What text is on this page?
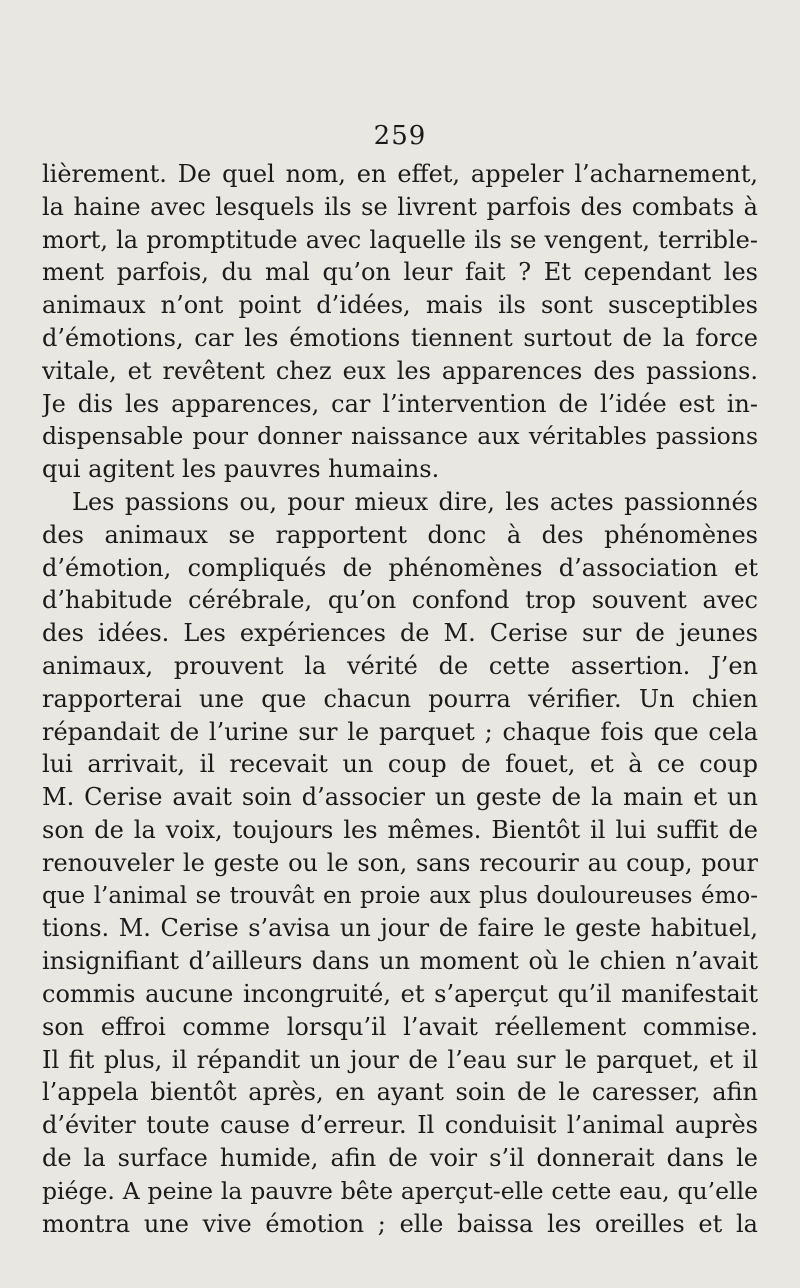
259
lièrement. De quel nom, en effet, appeler l’acharnement,
la haine avec lesquels ils se livrent parfois des combats à
mort, la promptitude avec laquelle ils se vengent, terrible-
ment parfois, du mal qu’on leur fait ? Et cependant les
animaux n’ont point d’idées, mais ils sont susceptibles
d’émotions, car les émotions tiennent surtout de la force
vitale, et revêtent chez eux les apparences des passions.
Je dis les apparences, car l’intervention de l’idée est in-
dispensable pour donner naissance aux véritables passions
qui agitent les pauvres humains.
Les passions ou, pour mieux dire, les actes passionnés
des animaux se rapportent donc à des phénomènes
d’émotion, compliqués de phénomènes d’association et
d’habitude cérébrale, qu’on confond trop souvent avec
des idées. Les expériences de M. Cerise sur de jeunes
animaux, prouvent la vérité de cette assertion. J’en
rapporterai une que chacun pourra vérifier. Un chien
répandait de l’urine sur le parquet ; chaque fois que cela
lui arrivait, il recevait un coup de fouet, et à ce coup
M. Cerise avait soin d’associer un geste de la main et un
son de la voix, toujours les mêmes. Bientôt il lui suffit de
renouveler le geste ou le son, sans recourir au coup, pour
que l’animal se trouvât en proie aux plus douloureuses émo-
tions. M. Cerise s’avisa un jour de faire le geste habituel,
insignifiant d’ailleurs dans un moment où le chien n’avait
commis aucune incongruité, et s’aperçut qu’il manifestait
son effroi comme lorsqu’il l’avait réellement commise.
Il fit plus, il répandit un jour de l’eau sur le parquet, et il
l’appela bientôt après, en ayant soin de le caresser, afin
d’éviter toute cause d’erreur. Il conduisit l’animal auprès
de la surface humide, afin de voir s’il donnerait dans le
piége. A peine la pauvre bête aperçut-elle cette eau, qu’elle
montra une vive émotion ; elle baissa les oreilles et la
